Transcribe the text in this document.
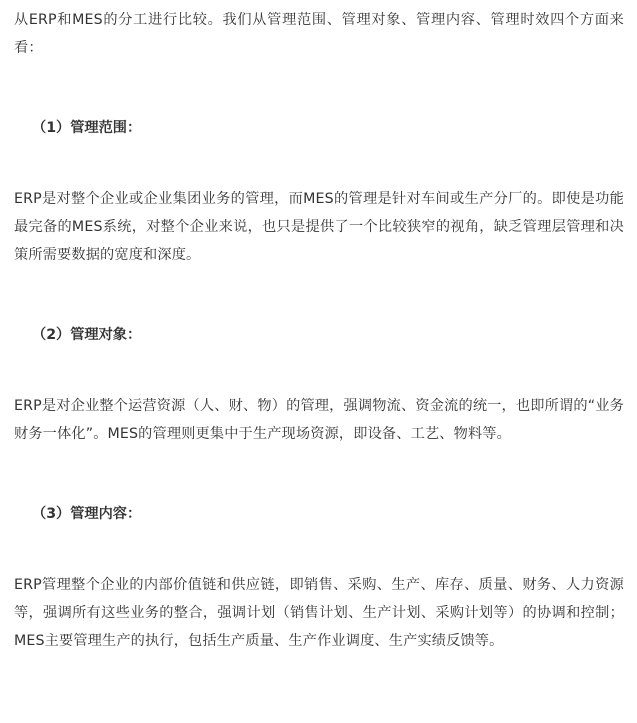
从ERP和MES的分工进行比较。我们从管理范围、管理对象、管理内容、管理时效四个方面来看：

（1）管理范围：

ERP是对整个企业或企业集团业务的管理，而MES的管理是针对车间或生产分厂的。即使是功能最完备的MES系统，对整个企业来说，也只是提供了一个比较狭窄的视角，缺乏管理层管理和决策所需要数据的宽度和深度。

（2）管理对象：

ERP是对企业整个运营资源（人、财、物）的管理，强调物流、资金流的统一，也即所谓的“业务财务一体化”。MES的管理则更集中于生产现场资源，即设备、工艺、物料等。

（3）管理内容：

ERP管理整个企业的内部价值链和供应链，即销售、采购、生产、库存、质量、财务、人力资源等，强调所有这些业务的整合，强调计划（销售计划、生产计划、采购计划等）的协调和控制；MES主要管理生产的执行，包括生产质量、生产作业调度、生产实绩反馈等。
